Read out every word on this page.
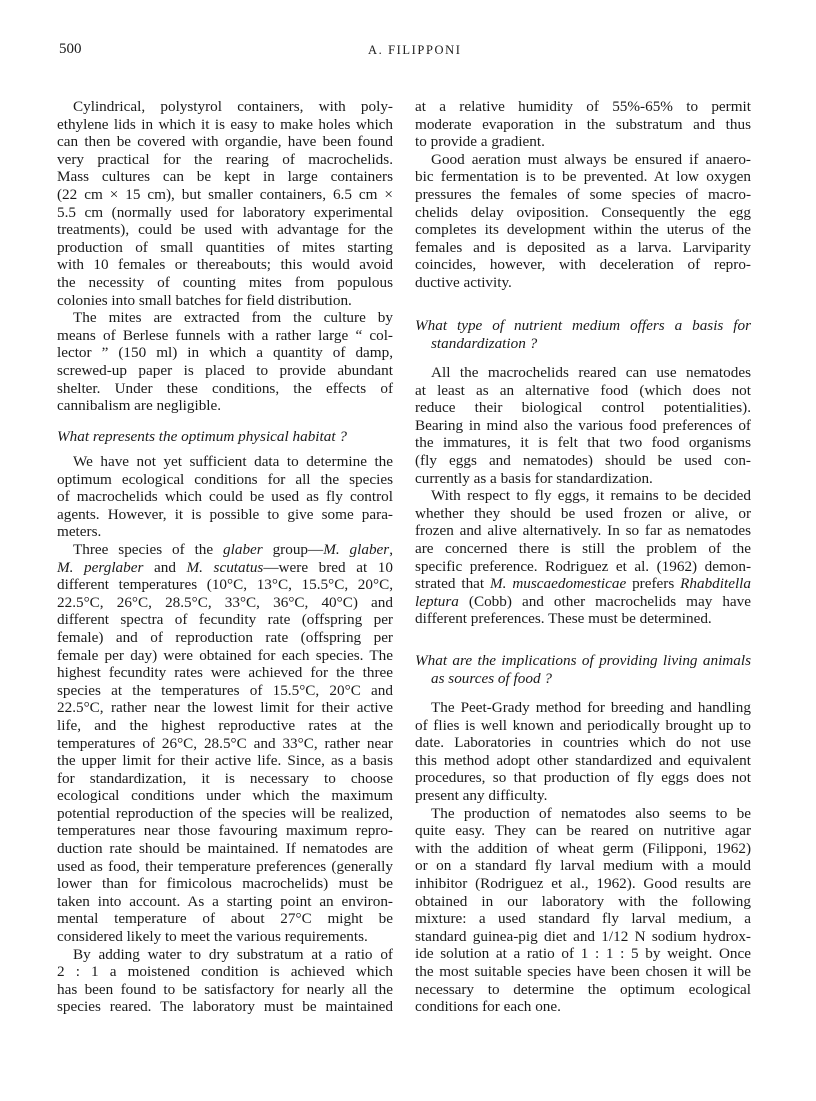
500	A. FILIPPONI
Cylindrical, polystyrol containers, with poly-
ethylene lids in which it is easy to make holes which
can then be covered with organdie, have been found
very practical for the rearing of macrochelids.
Mass cultures can be kept in large containers
(22 cm × 15 cm), but smaller containers, 6.5 cm ×
5.5 cm (normally used for laboratory experimental
treatments), could be used with advantage for the
production of small quantities of mites starting
with 10 females or thereabouts; this would avoid
the necessity of counting mites from populous
colonies into small batches for field distribution.
The mites are extracted from the culture by
means of Berlese funnels with a rather large “ col-
lector ” (150 ml) in which a quantity of damp,
screwed-up paper is placed to provide abundant
shelter. Under these conditions, the effects of
cannibalism are negligible.
What represents the optimum physical habitat ?
We have not yet sufficient data to determine the
optimum ecological conditions for all the species
of macrochelids which could be used as fly control
agents. However, it is possible to give some para-
meters.
Three species of the glaber group—M. glaber,
M. perglaber and M. scutatus—were bred at 10
different temperatures (10°C, 13°C, 15.5°C, 20°C,
22.5°C, 26°C, 28.5°C, 33°C, 36°C, 40°C) and
different spectra of fecundity rate (offspring per
female) and of reproduction rate (offspring per
female per day) were obtained for each species. The
highest fecundity rates were achieved for the three
species at the temperatures of 15.5°C, 20°C and
22.5°C, rather near the lowest limit for their active
life, and the highest reproductive rates at the
temperatures of 26°C, 28.5°C and 33°C, rather near
the upper limit for their active life. Since, as a basis
for standardization, it is necessary to choose
ecological conditions under which the maximum
potential reproduction of the species will be realized,
temperatures near those favouring maximum repro-
duction rate should be maintained. If nematodes are
used as food, their temperature preferences (generally
lower than for fimicolous macrochelids) must be
taken into account. As a starting point an environ-
mental temperature of about 27°C might be
considered likely to meet the various requirements.
By adding water to dry substratum at a ratio of
2 : 1 a moistened condition is achieved which
has been found to be satisfactory for nearly all the
species reared. The laboratory must be maintained
at a relative humidity of 55%-65% to permit
moderate evaporation in the substratum and thus
to provide a gradient.
Good aeration must always be ensured if anaero-
bic fermentation is to be prevented. At low oxygen
pressures the females of some species of macro-
chelids delay oviposition. Consequently the egg
completes its development within the uterus of the
females and is deposited as a larva. Larviparity
coincides, however, with deceleration of repro-
ductive activity.
What type of nutrient medium offers a basis for
standardization ?
All the macrochelids reared can use nematodes
at least as an alternative food (which does not
reduce their biological control potentialities).
Bearing in mind also the various food preferences of
the immatures, it is felt that two food organisms
(fly eggs and nematodes) should be used con-
currently as a basis for standardization.
With respect to fly eggs, it remains to be decided
whether they should be used frozen or alive, or
frozen and alive alternatively. In so far as nematodes
are concerned there is still the problem of the
specific preference. Rodriguez et al. (1962) demon-
strated that M. muscaedomesticae prefers Rhabditella
leptura (Cobb) and other macrochelids may have
different preferences. These must be determined.
What are the implications of providing living animals
as sources of food ?
The Peet-Grady method for breeding and handling
of flies is well known and periodically brought up to
date. Laboratories in countries which do not use
this method adopt other standardized and equivalent
procedures, so that production of fly eggs does not
present any difficulty.
The production of nematodes also seems to be
quite easy. They can be reared on nutritive agar
with the addition of wheat germ (Filipponi, 1962)
or on a standard fly larval medium with a mould
inhibitor (Rodriguez et al., 1962). Good results are
obtained in our laboratory with the following
mixture: a used standard fly larval medium, a
standard guinea-pig diet and 1/12 N sodium hydrox-
ide solution at a ratio of 1 : 1 : 5 by weight. Once
the most suitable species have been chosen it will be
necessary to determine the optimum ecological
conditions for each one.
